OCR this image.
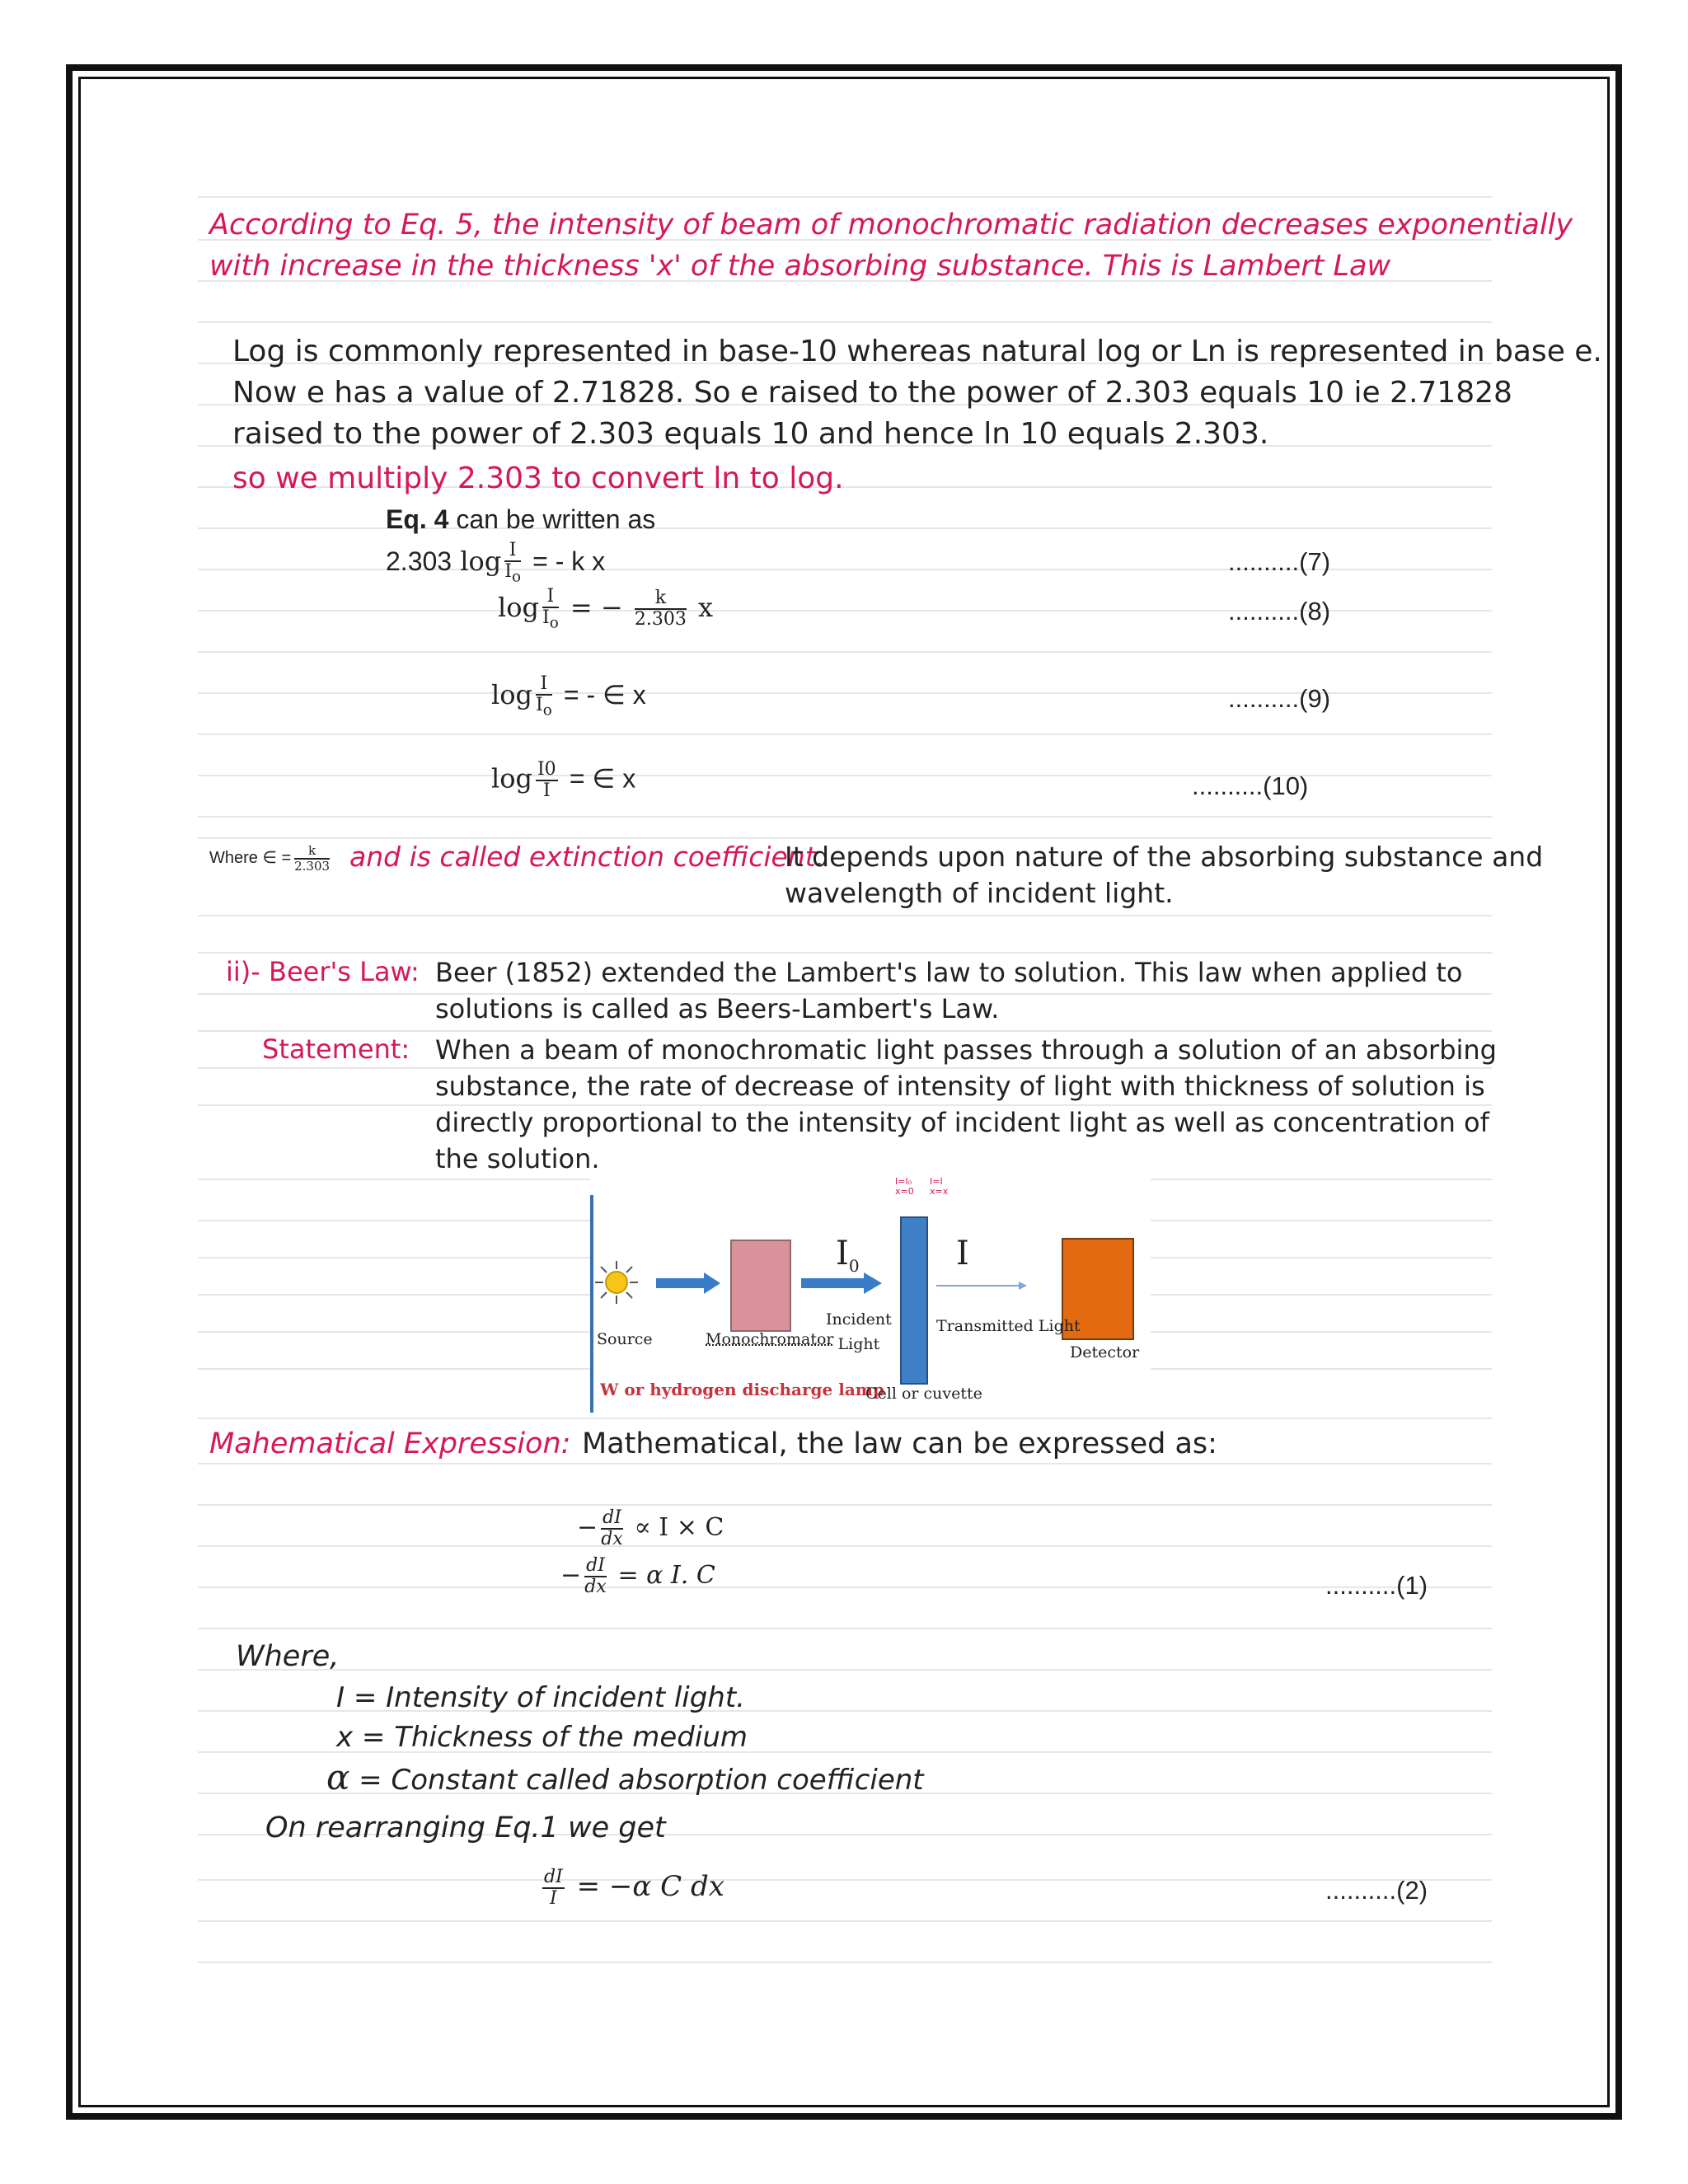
According to Eq. 5, the intensity of beam of monochromatic radiation decreases exponentially
with increase in the thickness 'x' of the absorbing substance. This is Lambert Law
Log is commonly represented in base-10 whereas natural log or Ln is represented in base e.
Now e has a value of 2.71828. So e raised to the power of 2.303 equals 10 ie 2.71828
raised to the power of 2.303 equals 10 and hence ln 10 equals 2.303.
so we multiply 2.303 to convert ln to log.
Eq. 4 can be written as
2.303 $\log \frac{I}{I_o}$ = - k x	..........(7)
$\log \frac{I}{I_o}$ = − $\frac{k}{2.303}$ x	..........(8)
$\log \frac{I}{I_o}$ = - ∈ x	..........(9)
$\log \frac{I0}{I}$ = ∈ x	..........(10)
Where ∈ = $\frac{k}{2.303}$ and is called extinction coefficient.
It depends upon nature of the absorbing substance and
wavelength of incident light.
ii)- Beer's Law: Beer (1852) extended the Lambert's law to solution. This law when applied to
solutions is called as Beers-Lambert's Law.
Statement: When a beam of monochromatic light passes through a solution of an absorbing
substance, the rate of decrease of intensity of light with thickness of solution is
directly proportional to the intensity of incident light as well as concentration of
the solution.
$I_0$
I=I₀
x=0
I=I
x=x
I
Source	Monochromator
Incident
Light
Transmitted Light
Detector
W or hydrogen discharge lamp
Cell or cuvette
Mahematical Expression: Mathematical, the law can be expressed as:
− $\frac{dI}{dx} \propto I \times C$
− $\frac{dI}{dx} = \alpha$ I. C	..........(1)
Where,
I = Intensity of incident light.
x = Thickness of the medium
α = Constant called absorption coefficient
On rearranging Eq.1 we get
$\frac{dI}{I} = -\alpha$ C dx	..........(2)
